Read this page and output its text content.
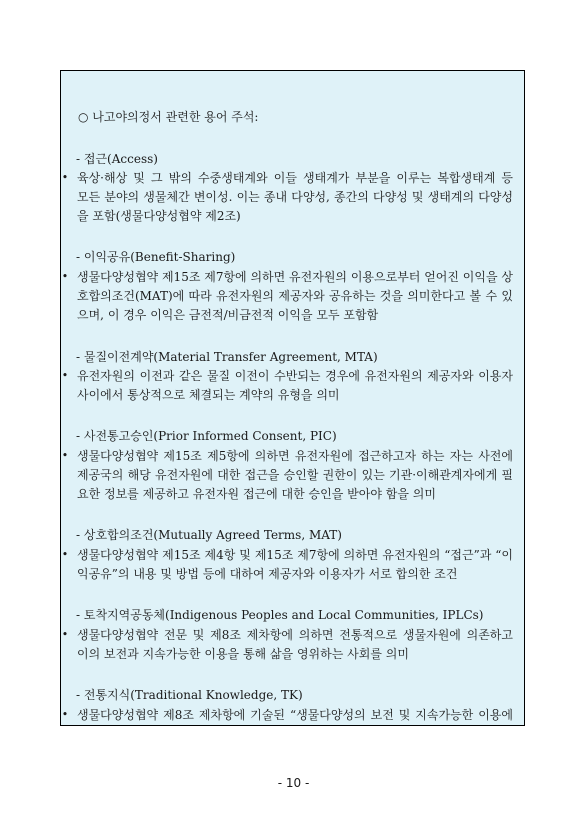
○ 나고야의정서 관련한 용어 주석:
- 접근(Access)
• 육상·해상 및 그 밖의 수중생태계와 이들 생태계가 부분을 이루는 복합생태계 등
모든 분야의 생물체간 변이성. 이는 종내 다양성, 종간의 다양성 및 생태계의 다양성
을 포함(생물다양성협약 제2조)
- 이익공유(Benefit-Sharing)
• 생물다양성협약 제15조 제7항에 의하면 유전자원의 이용으로부터 얻어진 이익을 상
호합의조건(MAT)에 따라 유전자원의 제공자와 공유하는 것을 의미한다고 볼 수 있
으며, 이 경우 이익은 금전적/비금전적 이익을 모두 포함함
- 물질이전계약(Material Transfer Agreement, MTA)
• 유전자원의 이전과 같은 물질 이전이 수반되는 경우에 유전자원의 제공자와 이용자
사이에서 통상적으로 체결되는 계약의 유형을 의미
- 사전통고승인(Prior Informed Consent, PIC)
• 생물다양성협약 제15조 제5항에 의하면 유전자원에 접근하고자 하는 자는 사전에
제공국의 해당 유전자원에 대한 접근을 승인할 권한이 있는 기관·이해관계자에게 필
요한 정보를 제공하고 유전자원 접근에 대한 승인을 받아야 함을 의미
- 상호합의조건(Mutually Agreed Terms, MAT)
• 생물다양성협약 제15조 제4항 및 제15조 제7항에 의하면 유전자원의 “접근”과 “이
익공유”의 내용 및 방법 등에 대하여 제공자와 이용자가 서로 합의한 조건
- 토착지역공동체(Indigenous Peoples and Local Communities, IPLCs)
• 생물다양성협약 전문 및 제8조 제차항에 의하면 전통적으로 생물자원에 의존하고
이의 보전과 지속가능한 이용을 통해 삶을 영위하는 사회를 의미
- 전통지식(Traditional Knowledge, TK)
• 생물다양성협약 제8조 제차항에 기술된 “생물다양성의 보전 및 지속가능한 이용에
- 10 -
